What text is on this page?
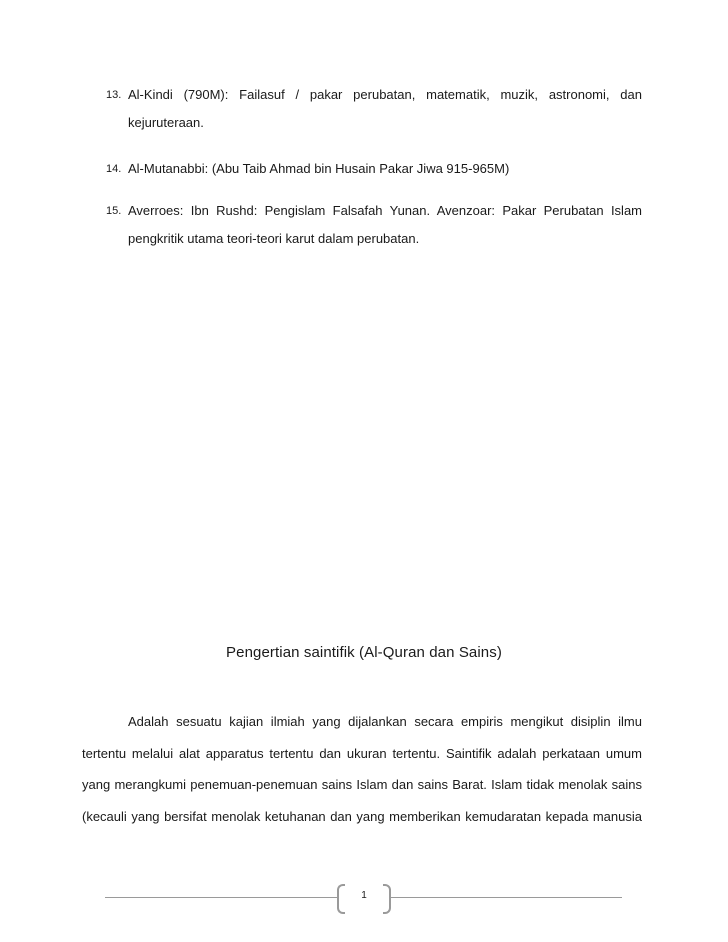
13. Al-Kindi (790M): Failasuf / pakar perubatan, matematik, muzik, astronomi, dan
kejuruteraan.
14. Al-Mutanabbi: (Abu Taib Ahmad bin Husain Pakar Jiwa 915-965M)
15. Averroes: Ibn Rushd: Pengislam Falsafah Yunan. Avenzoar: Pakar Perubatan Islam
pengkritik utama teori-teori karut dalam perubatan.
Pengertian saintifik (Al-Quran dan Sains)
Adalah sesuatu kajian ilmiah yang dijalankan secara empiris mengikut disiplin ilmu
tertentu melalui alat apparatus tertentu dan ukuran tertentu. Saintifik adalah perkataan umum
yang merangkumi penemuan-penemuan sains Islam dan sains Barat. Islam tidak menolak sains
(kecauli yang bersifat menolak ketuhanan dan yang memberikan kemudaratan kepada manusia
1
